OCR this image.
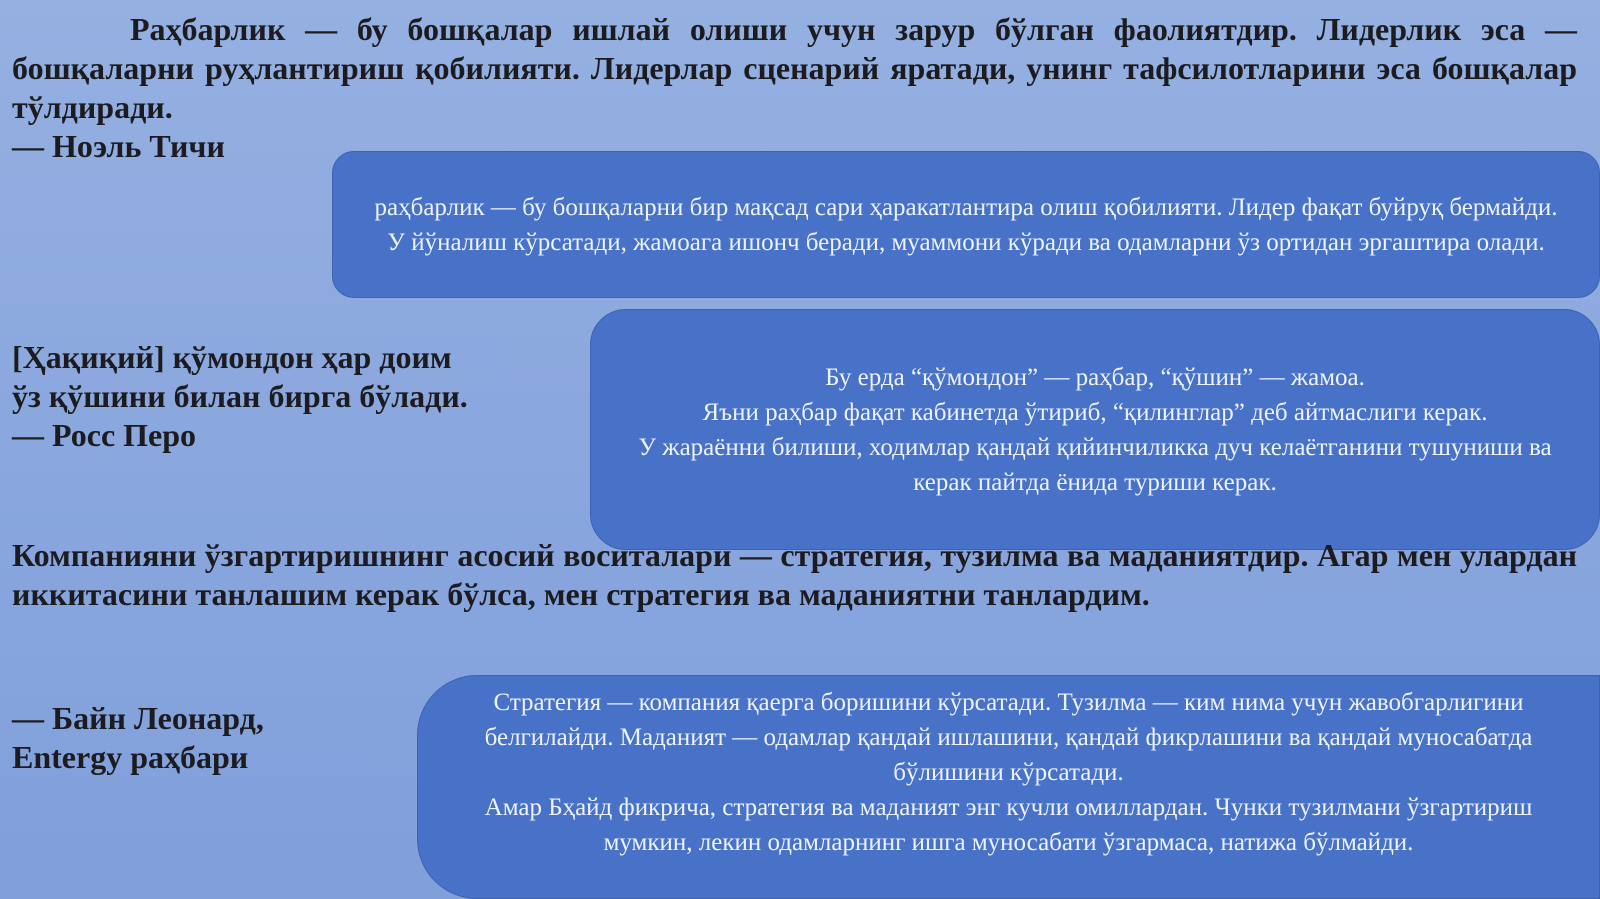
Раҳбарлик — бу бошқалар ишлай олиши учун зарур бўлган фаолиятдир. Лидерлик эса — бошқаларни руҳлантириш қобилияти. Лидерлар сценарий яратади, унинг тафсилотларини эса бошқалар тўлдиради.

— Ноэль Тичи

раҳбарлик — бу бошқаларни бир мақсад сари ҳаракатлантира олиш қобилияти. Лидер фақат буйруқ бермайди. У йўналиш кўрсатади, жамоага ишонч беради, муаммони кўради ва одамларни ўз ортидан эргаштира олади.

[Ҳақиқий] қўмондон ҳар доим

ўз қўшини билан бирга бўлади.

— Росс Перо

Бу ерда “қўмондон” — раҳбар, “қўшин” — жамоа.

Яъни раҳбар фақат кабинетда ўтириб, “қилинглар” деб айтмаслиги керак.

У жараённи билиши, ходимлар қандай қийинчиликка дуч келаётганини тушуниши ва керак пайтда ёнида туриши керак.

Компанияни ўзгартиришнинг асосий воситалари — стратегия, тузилма ва маданиятдир. Агар мен улардан иккитасини танлашим керак бўлса, мен стратегия ва маданиятни танлардим.

— Байн Леонард,

Entergy раҳбари

Стратегия — компания қаерга боришини кўрсатади. Тузилма — ким нима учун жавобгарлигини белгилайди. Маданият — одамлар қандай ишлашини, қандай фикрлашини ва қандай муносабатда бўлишини кўрсатади.

Амар Бҳайд фикрича, стратегия ва маданият энг кучли омиллардан. Чунки тузилмани ўзгартириш мумкин, лекин одамларнинг ишга муносабати ўзгармаса, натижа бўлмайди.
